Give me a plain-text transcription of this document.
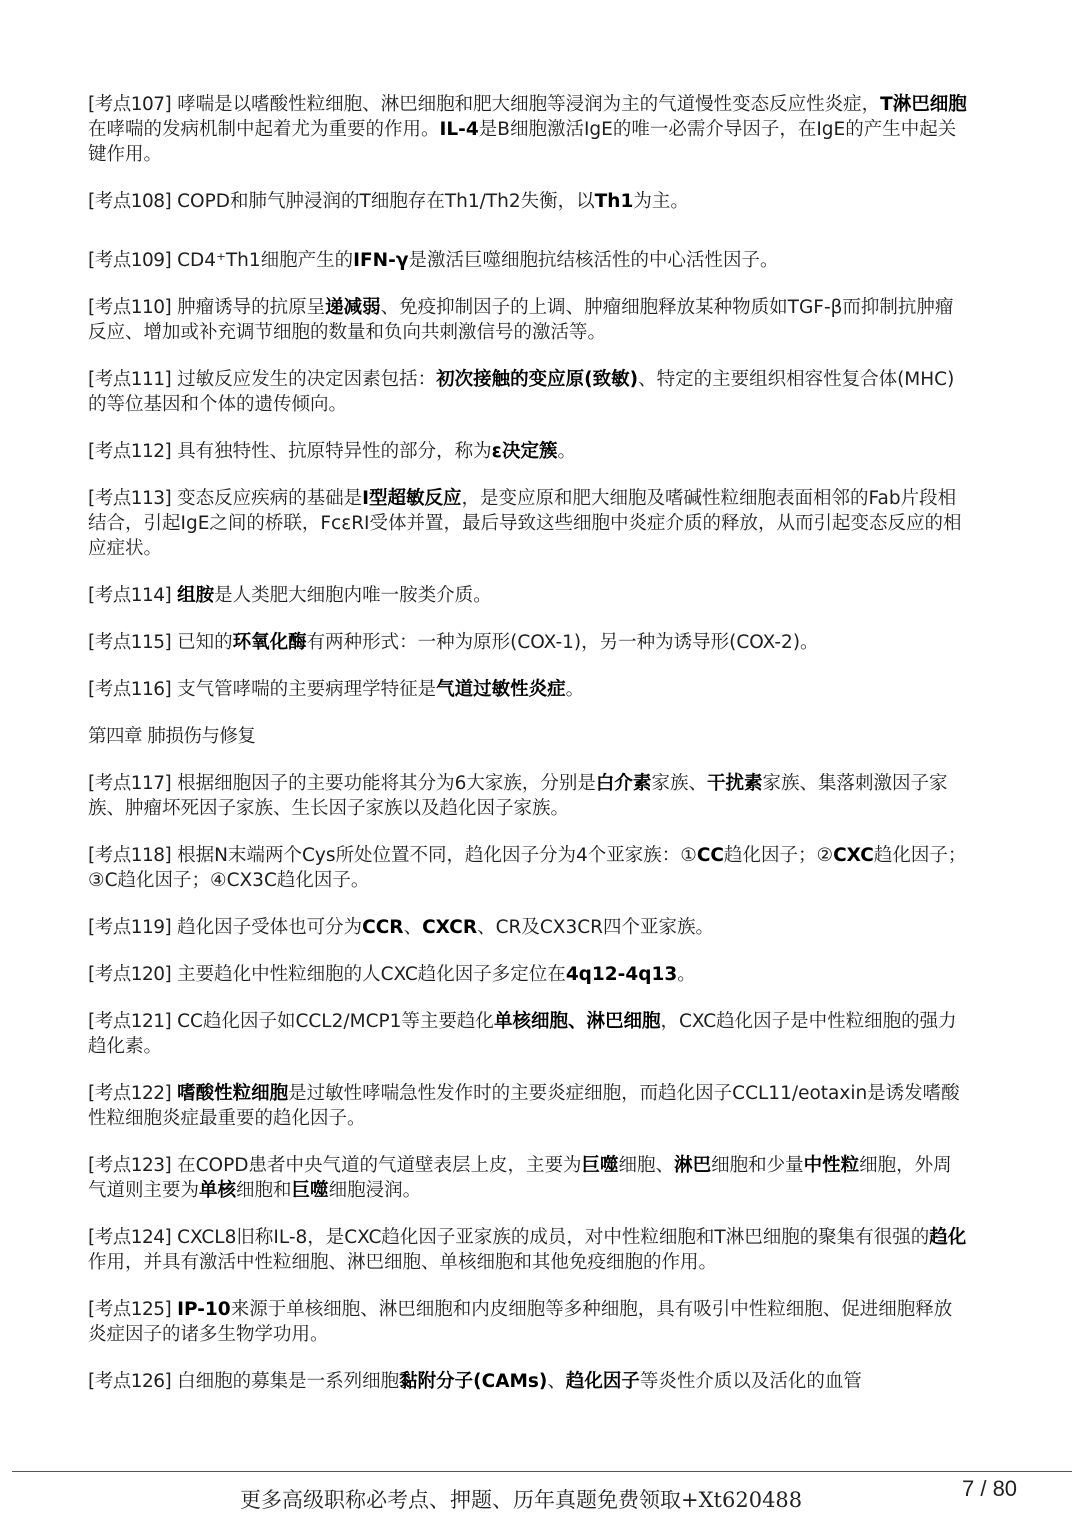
[考点107] 哮喘是以嗜酸性粒细胞、淋巴细胞和肥大细胞等浸润为主的气道慢性变态反应性炎症，T淋巴细胞在哮喘的发病机制中起着尤为重要的作用。IL-4是B细胞激活IgE的唯一必需介导因子，在IgE的产生中起关键作用。

[考点108] COPD和肺气肿浸润的T细胞存在Th1/Th2失衡，以Th1为主。

[考点109] CD4⁺Th1细胞产生的IFN-γ是激活巨噬细胞抗结核活性的中心活性因子。

[考点110] 肿瘤诱导的抗原呈递减弱、免疫抑制因子的上调、肿瘤细胞释放某种物质如TGF-β而抑制抗肿瘤反应、增加或补充调节细胞的数量和负向共刺激信号的激活等。

[考点111] 过敏反应发生的决定因素包括：初次接触的变应原(致敏)、特定的主要组织相容性复合体(MHC)的等位基因和个体的遗传倾向。

[考点112] 具有独特性、抗原特异性的部分，称为ε决定簇。

[考点113] 变态反应疾病的基础是Ⅰ型超敏反应，是变应原和肥大细胞及嗜碱性粒细胞表面相邻的Fab片段相结合，引起IgE之间的桥联，FcεRⅠ受体并置，最后导致这些细胞中炎症介质的释放，从而引起变态反应的相应症状。

[考点114] 组胺是人类肥大细胞内唯一胺类介质。

[考点115] 已知的环氧化酶有两种形式：一种为原形(COX-1)，另一种为诱导形(COX-2)。

[考点116] 支气管哮喘的主要病理学特征是气道过敏性炎症。

第四章 肺损伤与修复

[考点117] 根据细胞因子的主要功能将其分为6大家族，分别是白介素家族、干扰素家族、集落刺激因子家族、肿瘤坏死因子家族、生长因子家族以及趋化因子家族。

[考点118] 根据N末端两个Cys所处位置不同，趋化因子分为4个亚家族：①CC趋化因子；②CXC趋化因子；③C趋化因子；④CX3C趋化因子。

[考点119] 趋化因子受体也可分为CCR、CXCR、CR及CX3CR四个亚家族。

[考点120] 主要趋化中性粒细胞的人CXC趋化因子多定位在4q12-4q13。

[考点121] CC趋化因子如CCL2/MCP1等主要趋化单核细胞、淋巴细胞，CXC趋化因子是中性粒细胞的强力趋化素。

[考点122] 嗜酸性粒细胞是过敏性哮喘急性发作时的主要炎症细胞，而趋化因子CCL11/eotaxin是诱发嗜酸性粒细胞炎症最重要的趋化因子。

[考点123] 在COPD患者中央气道的气道壁表层上皮，主要为巨噬细胞、淋巴细胞和少量中性粒细胞，外周气道则主要为单核细胞和巨噬细胞浸润。

[考点124] CXCL8旧称IL-8，是CXC趋化因子亚家族的成员，对中性粒细胞和T淋巴细胞的聚集有很强的趋化作用，并具有激活中性粒细胞、淋巴细胞、单核细胞和其他免疫细胞的作用。

[考点125] IP-10来源于单核细胞、淋巴细胞和内皮细胞等多种细胞，具有吸引中性粒细胞、促进细胞释放炎症因子的诸多生物学功用。

[考点126] 白细胞的募集是一系列细胞黏附分子(CAMs)、趋化因子等炎性介质以及活化的血管

更多高级职称必考点、押题、历年真题免费领取+Xt620488	7 / 80
